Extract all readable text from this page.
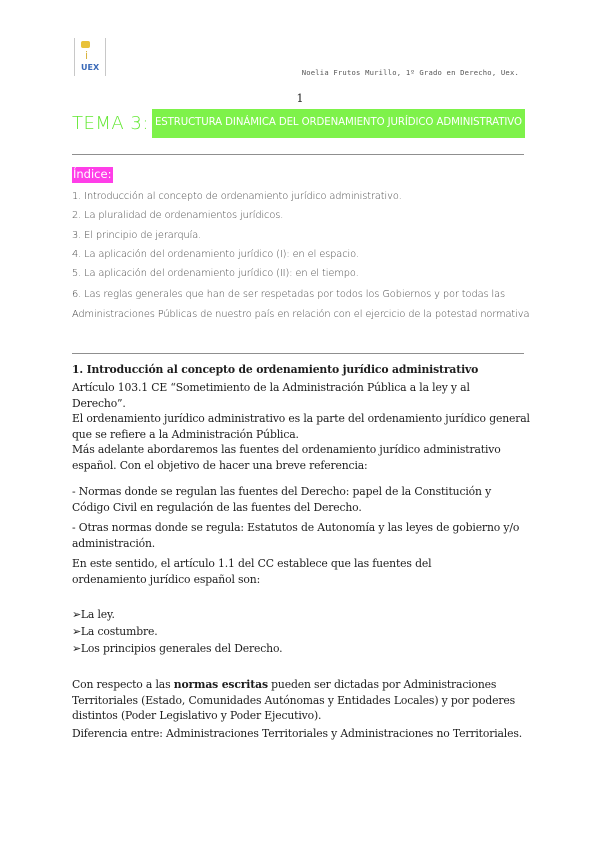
i
UEX
Noelia Frutos Murillo, 1º Grado en Derecho, Uex.
1
TEMA 3: ESTRUCTURA DINÁMICA DEL ORDENAMIENTO JURÍDICO ADMINISTRATIVO
Índice:
1. Introducción al concepto de ordenamiento jurídico administrativo.
2. La pluralidad de ordenamientos jurídicos.
3. El principio de jerarquía.
4. La aplicación del ordenamiento jurídico (I): en el espacio.
5. La aplicación del ordenamiento jurídico (II): en el tiempo.
6. Las reglas generales que han de ser respetadas por todos los Gobiernos y por todas las Administraciones Públicas de nuestro país en relación con el ejercicio de la potestad normativa
1. Introducción al concepto de ordenamiento jurídico administrativo
Artículo 103.1 CE “Sometimiento de la Administración Pública a la ley y al Derecho”.
El ordenamiento jurídico administrativo es la parte del ordenamiento jurídico general que se refiere a la Administración Pública.
Más adelante abordaremos las fuentes del ordenamiento jurídico administrativo español. Con el objetivo de hacer una breve referencia:
- Normas donde se regulan las fuentes del Derecho: papel de la Constitución y Código Civil en regulación de las fuentes del Derecho.
- Otras normas donde se regula: Estatutos de Autonomía y las leyes de gobierno y/o administración.
En este sentido, el artículo 1.1 del CC establece que las fuentes del ordenamiento jurídico español son:
➢La ley.
➢La costumbre.
➢Los principios generales del Derecho.
Con respecto a las normas escritas pueden ser dictadas por Administraciones Territoriales (Estado, Comunidades Autónomas y Entidades Locales) y por poderes distintos (Poder Legislativo y Poder Ejecutivo).
Diferencia entre: Administraciones Territoriales y Administraciones no Territoriales.
